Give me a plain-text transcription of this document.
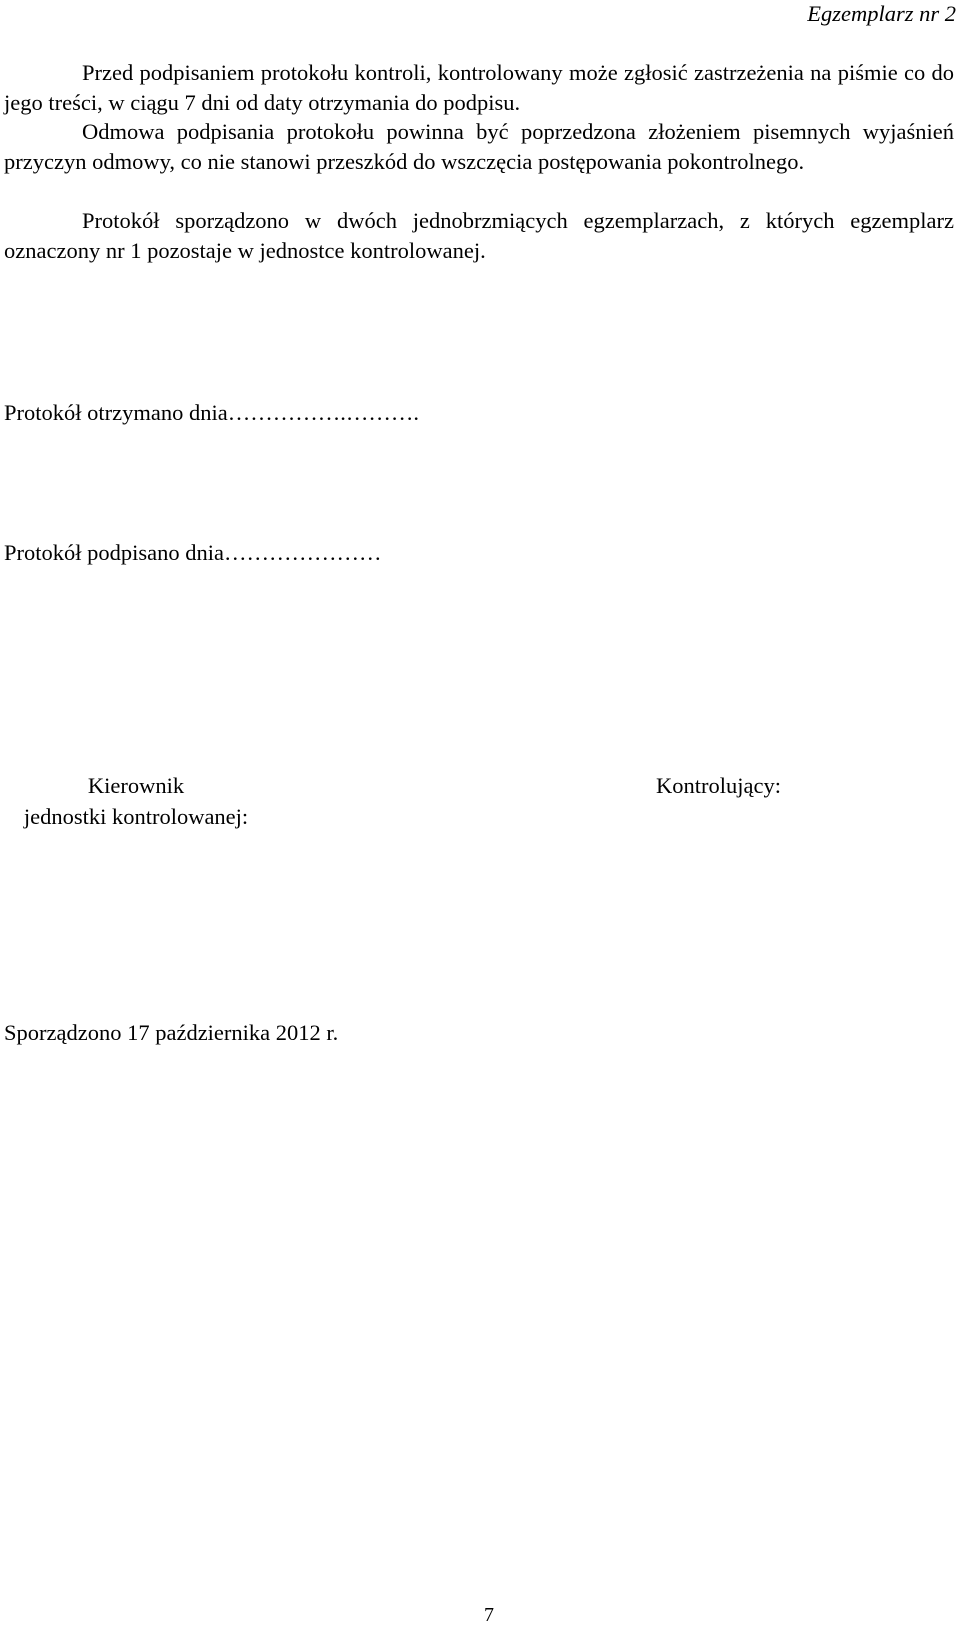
Egzemplarz nr 2

Przed podpisaniem protokołu kontroli, kontrolowany może zgłosić zastrzeżenia na piśmie co do jego treści, w ciągu 7 dni od daty otrzymania do podpisu.

Odmowa podpisania protokołu powinna być poprzedzona złożeniem pisemnych wyjaśnień przyczyn odmowy, co nie stanowi przeszkód do wszczęcia postępowania pokontrolnego.

Protokół sporządzono w dwóch jednobrzmiących egzemplarzach, z których egzemplarz oznaczony nr 1 pozostaje w jednostce kontrolowanej.

Protokół otrzymano dnia…………….……….
Protokół podpisano dnia…………………
Kierownik
jednostki kontrolowanej:
Kontrolujący:
Sporządzono 17 października 2012 r.
7
